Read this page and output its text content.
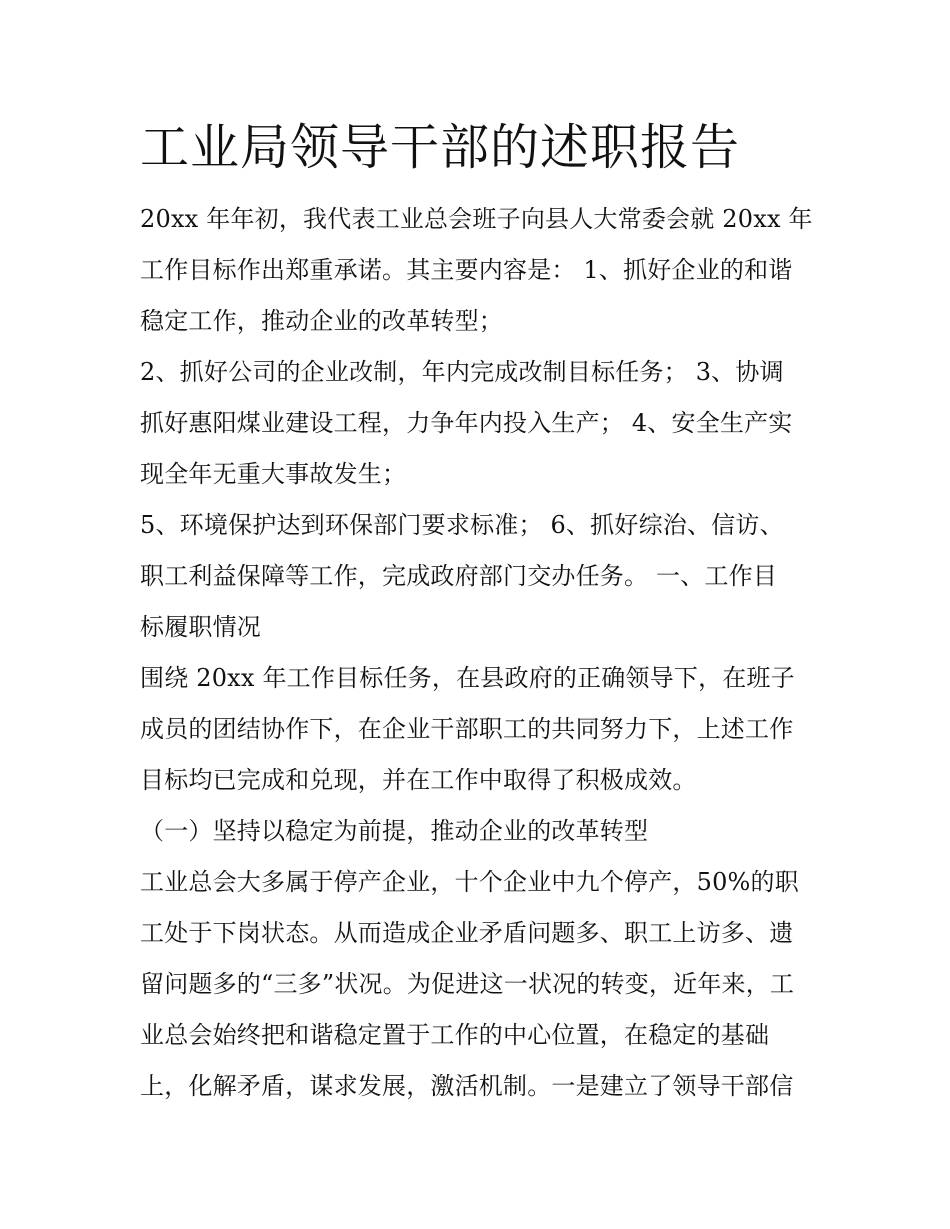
工业局领导干部的述职报告
20xx 年年初，我代表工业总会班子向县人大常委会就 20xx 年
工作目标作出郑重承诺。其主要内容是： 1、抓好企业的和谐
稳定工作，推动企业的改革转型；
2、抓好公司的企业改制，年内完成改制目标任务； 3、协调
抓好惠阳煤业建设工程，力争年内投入生产； 4、安全生产实
现全年无重大事故发生；
5、环境保护达到环保部门要求标准； 6、抓好综治、信访、
职工利益保障等工作，完成政府部门交办任务。 一、工作目
标履职情况
围绕 20xx 年工作目标任务，在县政府的正确领导下，在班子
成员的团结协作下，在企业干部职工的共同努力下，上述工作
目标均已完成和兑现，并在工作中取得了积极成效。
（一）坚持以稳定为前提，推动企业的改革转型
工业总会大多属于停产企业，十个企业中九个停产，50%的职
工处于下岗状态。从而造成企业矛盾问题多、职工上访多、遗
留问题多的“三多”状况。为促进这一状况的转变，近年来，工
业总会始终把和谐稳定置于工作的中心位置，在稳定的基础
上，化解矛盾，谋求发展，激活机制。一是建立了领导干部信
